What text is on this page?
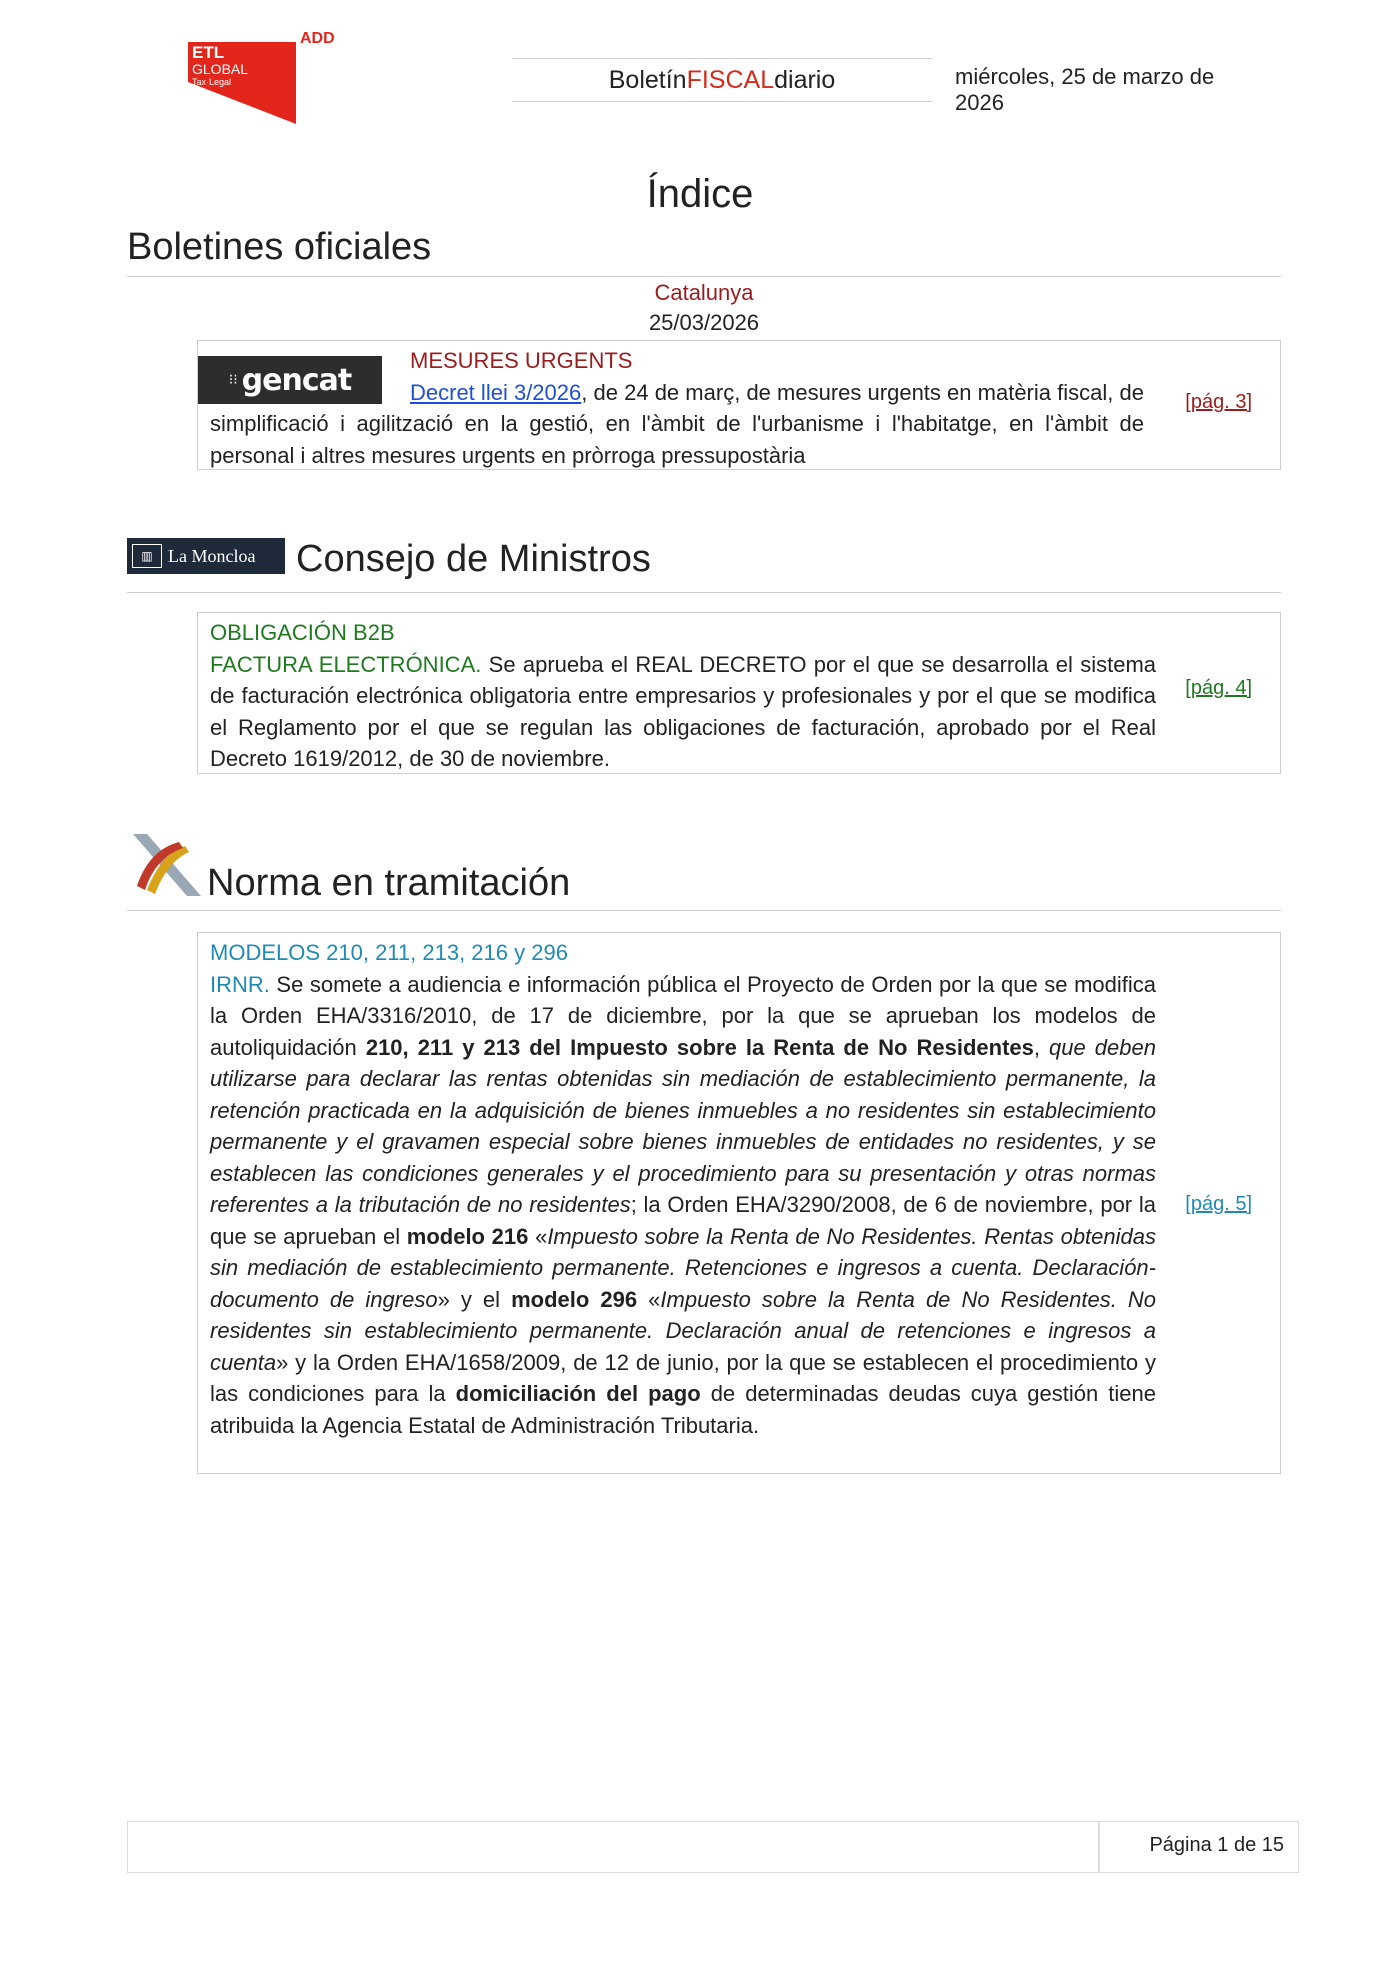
ADD
ETL
GLOBAL
Tax·Legal	Boletín FISCAL diario	miércoles, 25 de marzo de 2026
Índice
Boletines oficiales
Catalunya
25/03/2026
⁝⁝ gencat
MESURES URGENTS
Decret llei 3/2026, de 24 de març, de mesures urgents en matèria fiscal, de simplificació i agilització en la gestió, en l'àmbit de l'urbanisme i l'habitatge, en l'àmbit de personal i altres mesures urgents en pròrroga pressupostària
[pág. 3]
▥ La Moncloa Consejo de Ministros
OBLIGACIÓN B2B
FACTURA ELECTRÓNICA. Se aprueba el REAL DECRETO por el que se desarrolla el sistema de facturación electrónica obligatoria entre empresarios y profesionales y por el que se modifica el Reglamento por el que se regulan las obligaciones de facturación, aprobado por el Real Decreto 1619/2012, de 30 de noviembre.
[pág. 4]
Norma en tramitación
MODELOS 210, 211, 213, 216 y 296
IRNR. Se somete a audiencia e información pública el Proyecto de Orden por la que se modifica la Orden EHA/3316/2010, de 17 de diciembre, por la que se aprueban los modelos de autoliquidación 210, 211 y 213 del Impuesto sobre la Renta de No Residentes, que deben utilizarse para declarar las rentas obtenidas sin mediación de establecimiento permanente, la retención practicada en la adquisición de bienes inmuebles a no residentes sin establecimiento permanente y el gravamen especial sobre bienes inmuebles de entidades no residentes, y se establecen las condiciones generales y el procedimiento para su presentación y otras normas referentes a la tributación de no residentes; la Orden EHA/3290/2008, de 6 de noviembre, por la que se aprueban el modelo 216 «Impuesto sobre la Renta de No Residentes. Rentas obtenidas sin mediación de establecimiento permanente. Retenciones e ingresos a cuenta. Declaración-documento de ingreso» y el modelo 296 «Impuesto sobre la Renta de No Residentes. No residentes sin establecimiento permanente. Declaración anual de retenciones e ingresos a cuenta» y la Orden EHA/1658/2009, de 12 de junio, por la que se establecen el procedimiento y las condiciones para la domiciliación del pago de determinadas deudas cuya gestión tiene atribuida la Agencia Estatal de Administración Tributaria.
[pág. 5]
Página 1 de 15
